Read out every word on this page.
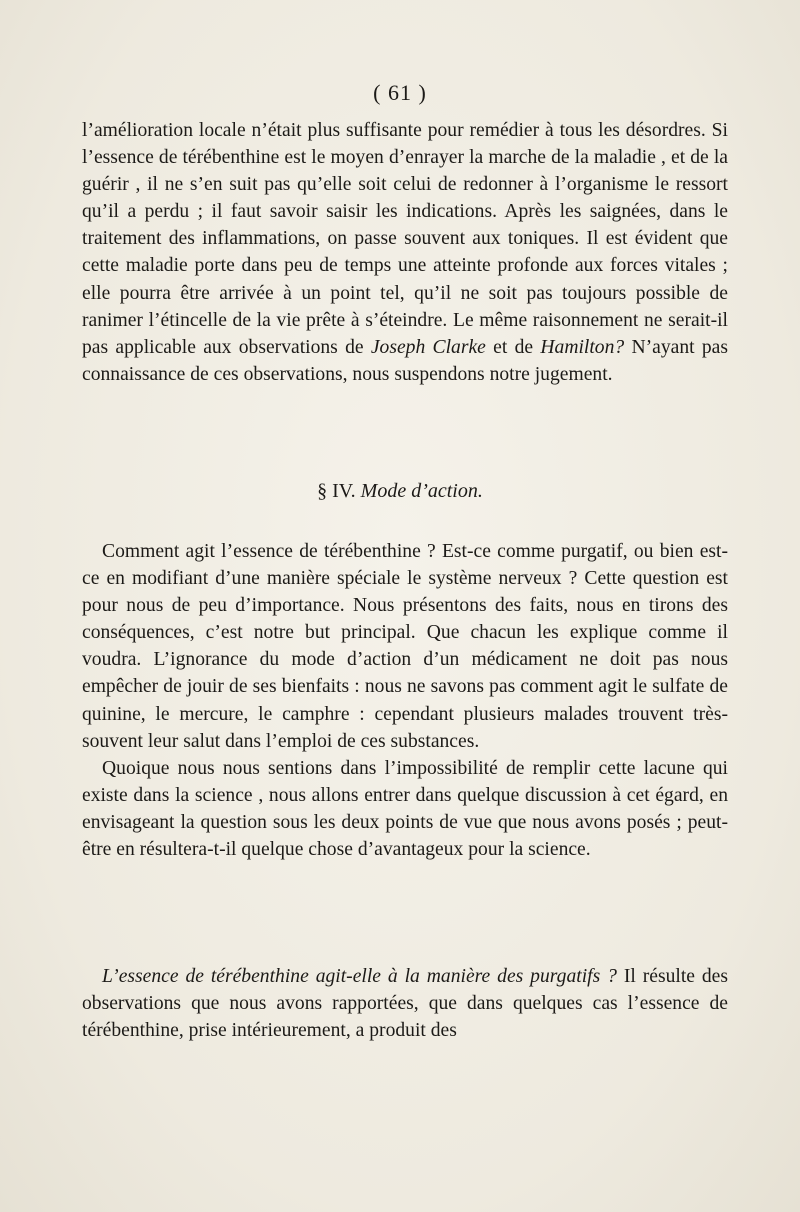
( 61 )

l’amélioration locale n’était plus suffisante pour remédier à tous les désordres. Si l’essence de térébenthine est le moyen d’enrayer la marche de la maladie , et de la guérir , il ne s’en suit pas qu’elle soit celui de redonner à l’organisme le ressort qu’il a perdu ; il faut savoir saisir les indications. Après les saignées, dans le traitement des inflammations, on passe souvent aux toniques. Il est évident que cette maladie porte dans peu de temps une atteinte profonde aux forces vitales ; elle pourra être arrivée à un point tel, qu’il ne soit pas toujours possible de ranimer l’étincelle de la vie prête à s’éteindre. Le même raisonnement ne serait-il pas applicable aux observations de Joseph Clarke et de Hamilton? N’ayant pas connaissance de ces observations, nous suspendons notre jugement.

§ IV. Mode d’action.

Comment agit l’essence de térébenthine ? Est-ce comme purgatif, ou bien est-ce en modifiant d’une manière spéciale le système nerveux ? Cette question est pour nous de peu d’importance. Nous présentons des faits, nous en tirons des conséquences, c’est notre but principal. Que chacun les explique comme il voudra. L’ignorance du mode d’action d’un médicament ne doit pas nous empêcher de jouir de ses bienfaits : nous ne savons pas comment agit le sulfate de quinine, le mercure, le camphre : cependant plusieurs malades trouvent très-souvent leur salut dans l’emploi de ces substances.

Quoique nous nous sentions dans l’impossibilité de remplir cette lacune qui existe dans la science , nous allons entrer dans quelque discussion à cet égard, en envisageant la question sous les deux points de vue que nous avons posés ; peut-être en résultera-t-il quelque chose d’avantageux pour la science.

L’essence de térébenthine agit-elle à la manière des purgatifs ? Il résulte des observations que nous avons rapportées, que dans quelques cas l’essence de térébenthine, prise intérieurement, a produit des
